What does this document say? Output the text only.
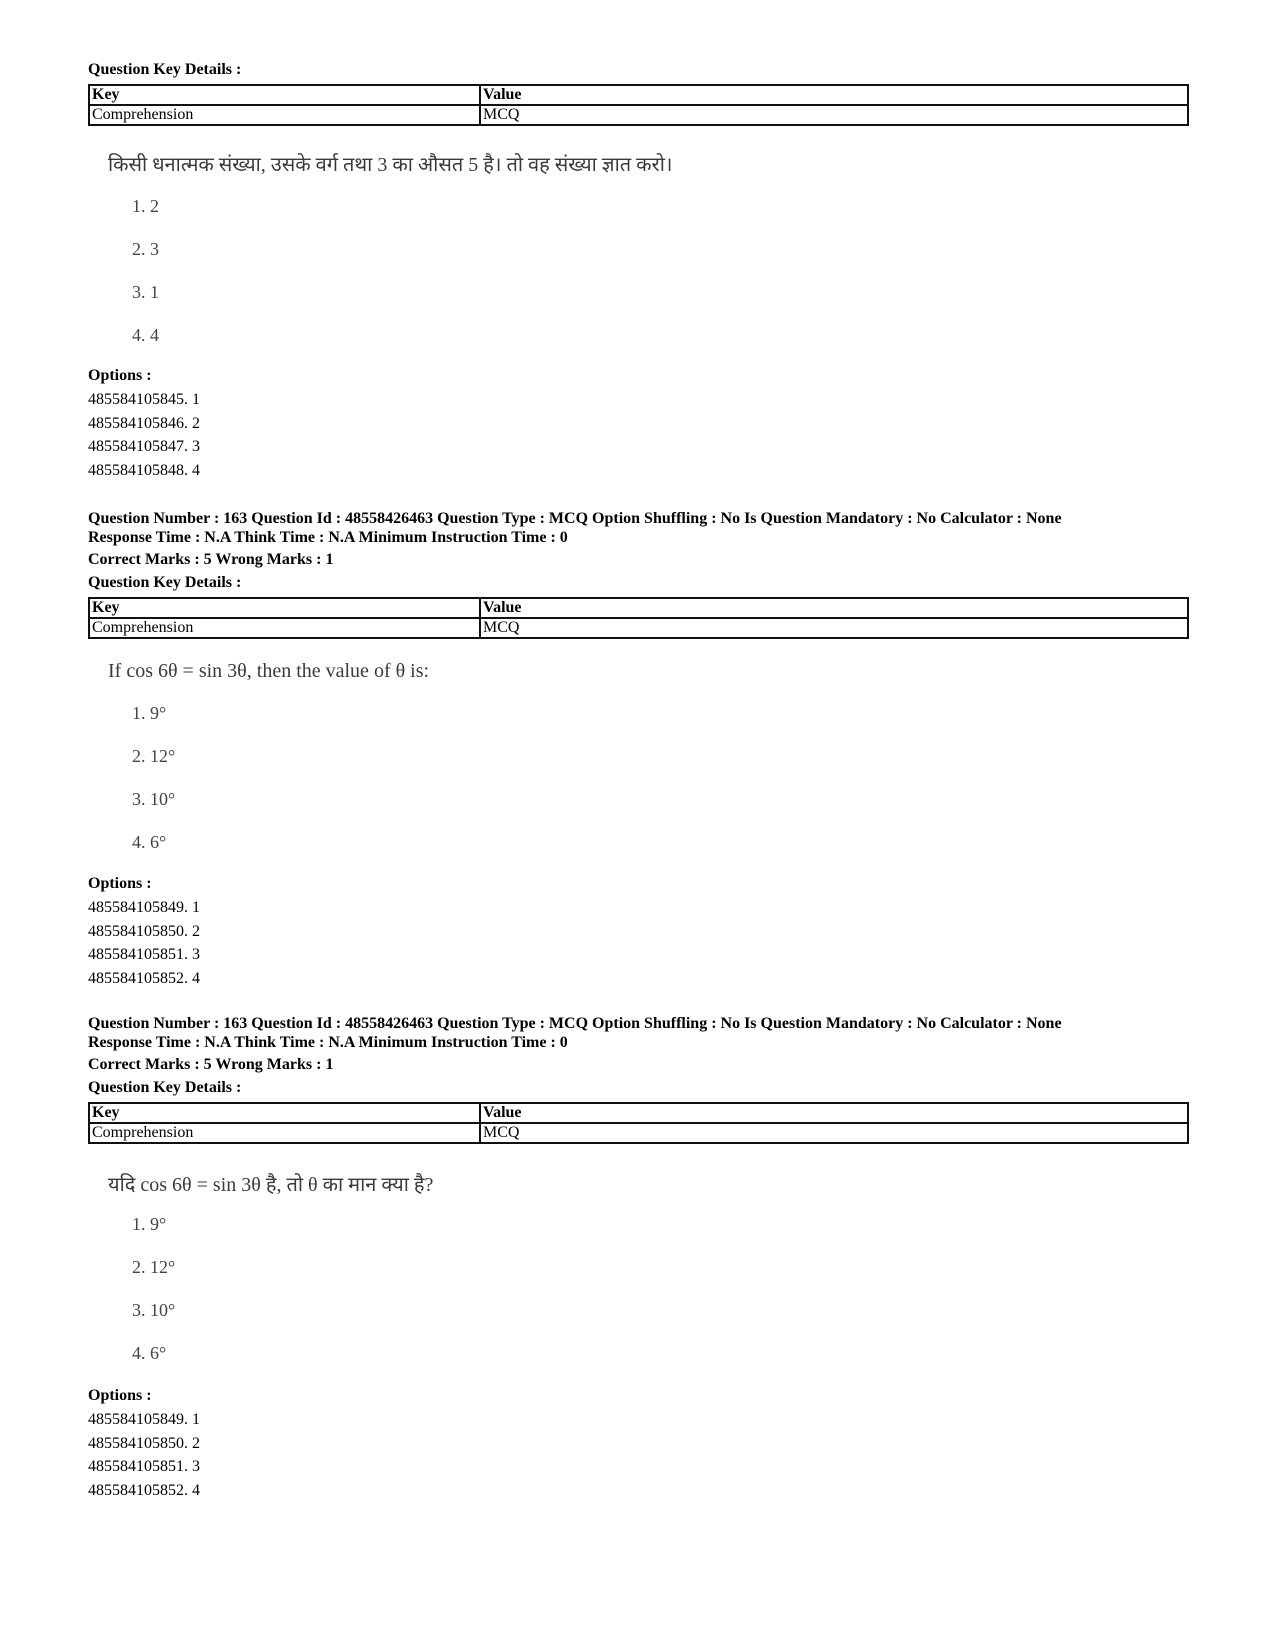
Question Key Details :
Key	Value
Comprehension	MCQ
किसी धनात्मक संख्या, उसके वर्ग तथा 3 का औसत 5 है। तो वह संख्या ज्ञात करो।
1. 2
2. 3
3. 1
4. 4
Options :
485584105845. 1
485584105846. 2
485584105847. 3
485584105848. 4
Question Number : 163 Question Id : 48558426463 Question Type : MCQ Option Shuffling : No Is Question Mandatory : No Calculator : None
Response Time : N.A Think Time : N.A Minimum Instruction Time : 0
Correct Marks : 5 Wrong Marks : 1
Question Key Details :
Key	Value
Comprehension	MCQ
If cos 6θ = sin 3θ, then the value of θ is:
1. 9°
2. 12°
3. 10°
4. 6°
Options :
485584105849. 1
485584105850. 2
485584105851. 3
485584105852. 4
Question Number : 163 Question Id : 48558426463 Question Type : MCQ Option Shuffling : No Is Question Mandatory : No Calculator : None
Response Time : N.A Think Time : N.A Minimum Instruction Time : 0
Correct Marks : 5 Wrong Marks : 1
Question Key Details :
Key	Value
Comprehension	MCQ
यदि cos 6θ = sin 3θ है, तो θ का मान क्या है?
1. 9°
2. 12°
3. 10°
4. 6°
Options :
485584105849. 1
485584105850. 2
485584105851. 3
485584105852. 4
